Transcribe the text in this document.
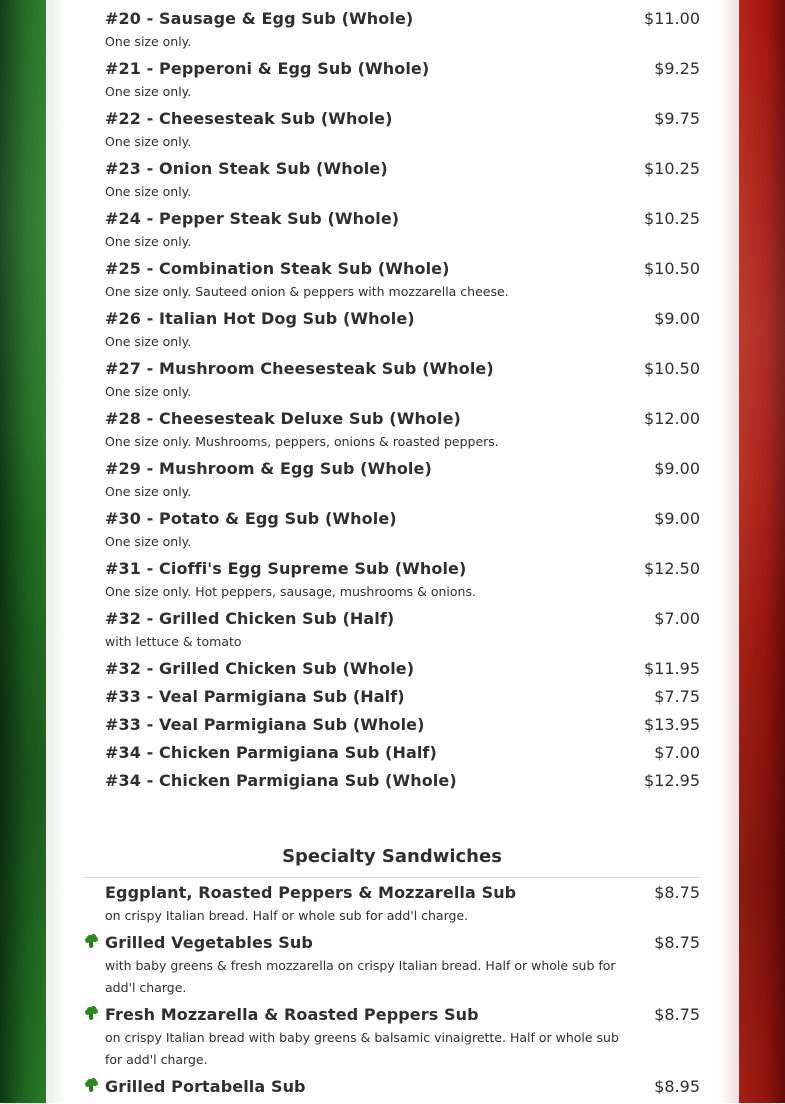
#20 - Sausage & Egg Sub (Whole)	$11.00
One size only.
#21 - Pepperoni & Egg Sub (Whole)	$9.25
One size only.
#22 - Cheesesteak Sub (Whole)	$9.75
One size only.
#23 - Onion Steak Sub (Whole)	$10.25
One size only.
#24 - Pepper Steak Sub (Whole)	$10.25
One size only.
#25 - Combination Steak Sub (Whole)	$10.50
One size only. Sauteed onion & peppers with mozzarella cheese.
#26 - Italian Hot Dog Sub (Whole)	$9.00
One size only.
#27 - Mushroom Cheesesteak Sub (Whole)	$10.50
One size only.
#28 - Cheesesteak Deluxe Sub (Whole)	$12.00
One size only. Mushrooms, peppers, onions & roasted peppers.
#29 - Mushroom & Egg Sub (Whole)	$9.00
One size only.
#30 - Potato & Egg Sub (Whole)	$9.00
One size only.
#31 - Cioffi's Egg Supreme Sub (Whole)	$12.50
One size only. Hot peppers, sausage, mushrooms & onions.
#32 - Grilled Chicken Sub (Half)	$7.00
with lettuce & tomato
#32 - Grilled Chicken Sub (Whole)	$11.95
#33 - Veal Parmigiana Sub (Half)	$7.75
#33 - Veal Parmigiana Sub (Whole)	$13.95
#34 - Chicken Parmigiana Sub (Half)	$7.00
#34 - Chicken Parmigiana Sub (Whole)	$12.95
Specialty Sandwiches
Eggplant, Roasted Peppers & Mozzarella Sub	$8.75
on crispy Italian bread. Half or whole sub for add'l charge.
Grilled Vegetables Sub	$8.75
with baby greens & fresh mozzarella on crispy Italian bread. Half or whole sub for add'l charge.
Fresh Mozzarella & Roasted Peppers Sub	$8.75
on crispy Italian bread with baby greens & balsamic vinaigrette. Half or whole sub for add'l charge.
Grilled Portabella Sub	$8.95
